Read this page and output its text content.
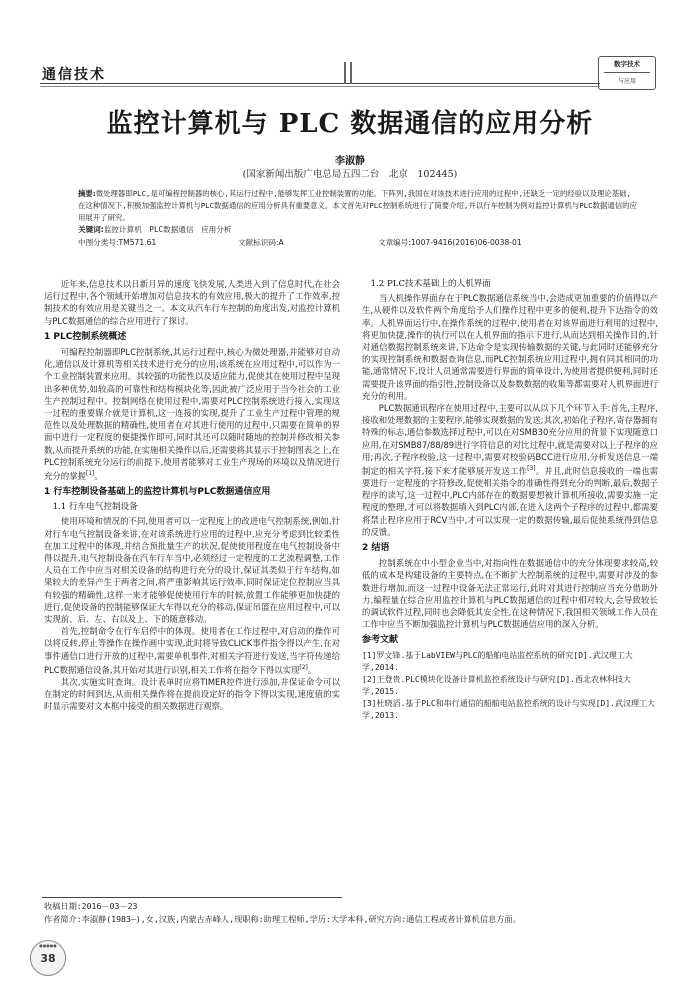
通信技术
数字技术
与应用
监控计算机与 PLC 数据通信的应用分析
李淑静
(国家新闻出版广电总局五四二台　北京　102445)
摘要:微处理器即PLC,是可编程控制器的核心,其运行过程中,能够发挥工业控制装置的功能。下阵列,我国在对该技术进行应用的过程中,还缺乏一定的经验以及理论基础,在这种情况下,积极加强监控计算机与PLC数据通信的应用分析具有重要意义。本文首先对PLC控制系统进行了简要介绍,并以行车控制为例对监控计算机与PLC数据通信的应用展开了研究。
关键词:监控计算机　PLC数据通信　应用分析
中图分类号:TM571.61	文献标识码:A	文章编号:1007-9416(2016)06-0038-01

近年来,信息技术以日新月异的速度飞快发展,人类进入到了信息时代,在社会运行过程中,各个领域开始增加对信息技术的有效应用,极大的提升了工作效率,控制技术的有效应用是关键当之一。本文从汽车行车控制的角度出发,对监控计算机与PLC数据通信的综合应用进行了探讨。

1 PLC控制系统概述

可编程控制器即PLC控制系统,其运行过程中,核心为微处理器,并能够对自动化,通信以及计算机等相关技术进行充分的应用,该系统在应用过程中,可以作为一个工业控制装置来应用。其较强的功能性以及适应能力,促使其在使用过程中呈现出多种优势,如较高的可靠性和结构模块化等,因此被广泛应用于当今社会的工业生产控制过程中。控制网络在使用过程中,需要对PLC控制系统进行接入,实现这一过程的重要媒介就是计算机,这一连接的实现,提升了工业生产过程中管理的规范性以及处理数据的精确性,使用者在对其进行使用的过程中,只需要在简单的界面中进行一定程度的便捷操作即可,同时其还可以随时随地的控制并修改相关参数,从而提升系统的功能,在实施相关操作以后,还需要将其显示于控制图表之上,在PLC控制系统充分运行的前提下,使用者能够对工业生产现场的环境以及情况进行充分的掌握[1]。

1 行车控制设备基础上的监控计算机与PLC数据通信应用
1.1 行车电气控制设备

使用环境和情况的不同,使用者可以一定程度上的改进电气控制系统,例如,针对行车电气控制设备来讲,在对该系统进行应用的过程中,应充分考虑到比较柔性在加工过程中的体现,并结合预批量生产的状况,促使使用程度在电气控制设备中得以提升,电气控制设备在汽车行车当中,必须经过一定程度的工艺流程调整,工作人员在工作中应当对相关设备的结构进行充分的设计,保证其类似于行车结构,如果较大的差异产生于两者之间,将严重影响其运行效率,同时保证定位控制应当具有较强的精确性,这样一来才能够促使使用行车的时候,放置工作能够更加快捷的进行,促使设备的控制能够保证大车得以充分的移动,保证吊篮在应用过程中,可以实现前、后、左、右以及上、下的随意移动。

首先,控制命令在行车启停中的体现。使用者在工作过程中,对启动的操作可以将反转,停止等操作在操作画中实现,此时将导致CLICK事件指令得以产生,在对事件通信口进行开放的过程中,需要单机事件,对相关字符进行发送,当字符传递给PLC数据通信设备,其开始对其进行识别,相关工作将在指令下得以实现[2]。

其次,实施实时查询。设计表单时应将TIMER控件进行添加,并保证命令可以在制定的时间到达,从而相关操作将在提前设定好的指令下得以实现,速度值的实时显示需要对文本框中接受的相关数据进行观察。

1.2 PLC技术基础上的人机界面

当人机操作界面存在于PLC数据通信系统当中,会造成更加重要的价值得以产生,从硬件以及软件两个角度给予人们操作过程中更多的便利,提升下达指令的效率。人机界面运行中,在操作系统的过程中,使用者在对该界面进行利用的过程中,将更加快捷,操作的执行可以在人机界面的指示下进行,从而达到相关操作目的,针对通信数据控制系统来讲,下达命令是实现传输数据的关键,与此同时还能够充分的实现控制系统和数据查询信息,而PLC控制系统应用过程中,拥有同其相同的功能,通常情况下,设计人员通常需要进行界面的简单设计,为使用者提供便利,同时还需要提升该界面的指引性,控制设备以及参数数据的收集等都需要对人机界面进行充分的利用。

PLC数据通讯程序在使用过程中,主要可以从以下几个环节入手:首先,主程序,接收和处理数据的主要程序,能够实现数据的发送;其次,初始化子程序,寄存器拥有特殊的标志,通信参数选择过程中,可以在对SMB30充分应用的背景下实现随意口应用,在对SMB87/88/89进行字符信息的对比过程中,就是需要对以上子程序的应用;再次,子程序校验,这一过程中,需要对校验码BCC进行应用,分析发送信息一端制定的相关字符,接下来才能够展开发送工作[3]。并且,此时信息接收的一端也需要进行一定程度的字符修改,促使相关指令的准确性得到充分的判断,最后,数据子程序的读写,这一过程中,PLC内部存在的数据要想被计算机所接收,需要实施一定程度的整理,才可以将数据填入到PLC内部,在进入这两个子程序的过程中,都需要将禁止程序应用于RCV当中,才可以实现一定的数据传输,最后促使系统得到信息的反馈。

2 结语

控制系统在中小型企业当中,对指向性在数据通信中的充分体现要求较高,较低的成本是构建设备的主要特点,在不断扩大控制系统的过程中,需要对涉及的参数进行增加,而这一过程中设备无法正常运行,此时对其进行控制应当充分借助外力,编程量在综合应用监控计算机与PLC数据通信的过程中相对较大,会导致较长的调试软件过程,同时也会降低其安全性,在这种情况下,我国相关领域工作人员在工作中应当不断加强监控计算机与PLC数据通信应用的深入分析。

参考文献
[1]罗文锋.基于LabVIEW与PLC的船舶电站监控系统的研究[D].武汉理工大学,2014.
[2]王登贵.PLC模块化设备计算机监控系统设计与研究[D].西北农林科技大学,2015.
[3]杜晓滔.基于PLC和串行通信的船舶电站监控系统的设计与实现[D].武汉理工大学,2013.
收稿日期:2016－03－23
作者简介:李淑静(1983—),女,汉族,内蒙古赤峰人,现职称:助理工程师,学历:大学本科,研究方向:通信工程或者计算机信息方面。
●●●●●
38
